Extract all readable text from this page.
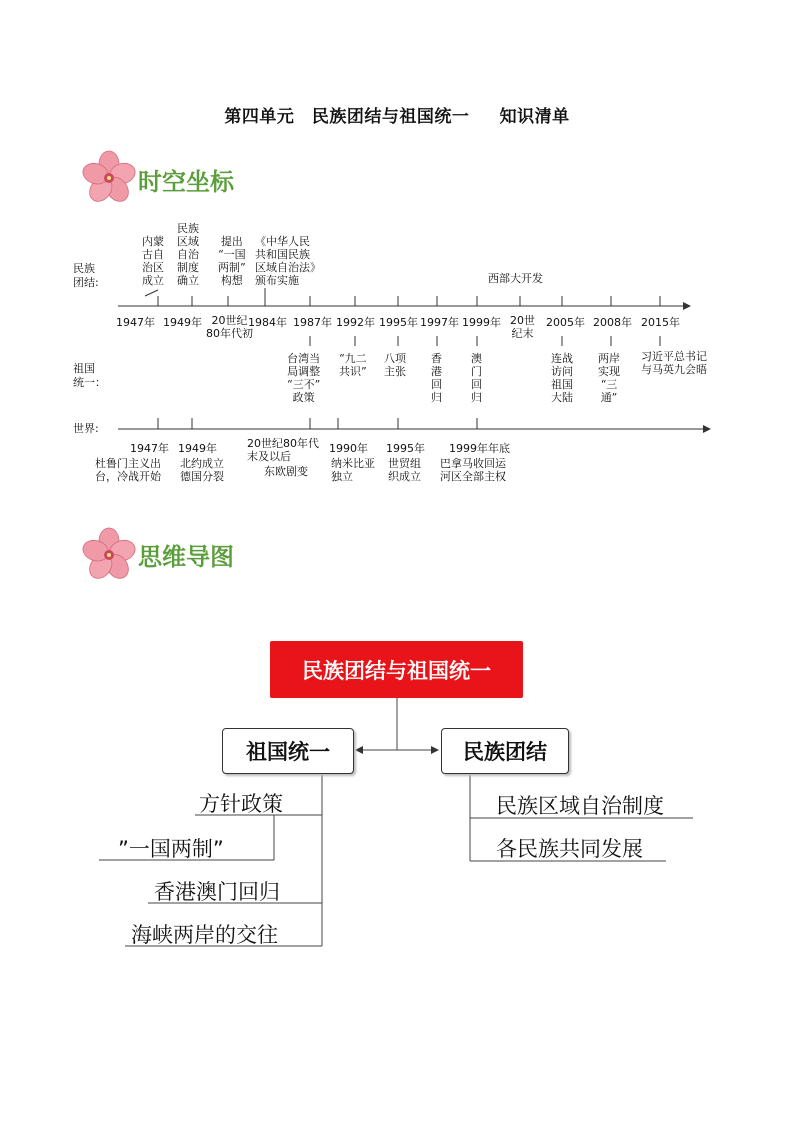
第四单元　民族团结与祖国统一　  知识清单
时空坐标
民族
团结:
祖国
统一：
世界:
内蒙
古自
治区
成立
民族
区域
自治
制度
确立
提出
“一国
两制”
构想
《中华人民
共和国民族
区域自治法》
颁布实施	西部大开发
1947年 1949年 20世纪
80年代初
1984年 1987年 1992年 1995年 1997年 1999年 20世
纪末
2005年 2008年 2015年
台湾当
局调整
“三不”
政策
“九二
共识”
八项
主张
香
港
回
归
澳
门
回
归
连战
访问
祖国
大陆
两岸
实现
“三
通”
习近平总书记
与马英九会晤
1947年
杜鲁门主义出
台，冷战开始
1949年
北约成立
德国分裂
20世纪80年代
末及以后
东欧剧变
1990年
纳米比亚
独立
1995年
世贸组
织成立
1999年年底
巴拿马收回运
河区全部主权
思维导图
民族团结与祖国统一
祖国统一	民族团结
方针政策
”一国两制”
香港澳门回归
海峡两岸的交往
民族区域自治制度
各民族共同发展
